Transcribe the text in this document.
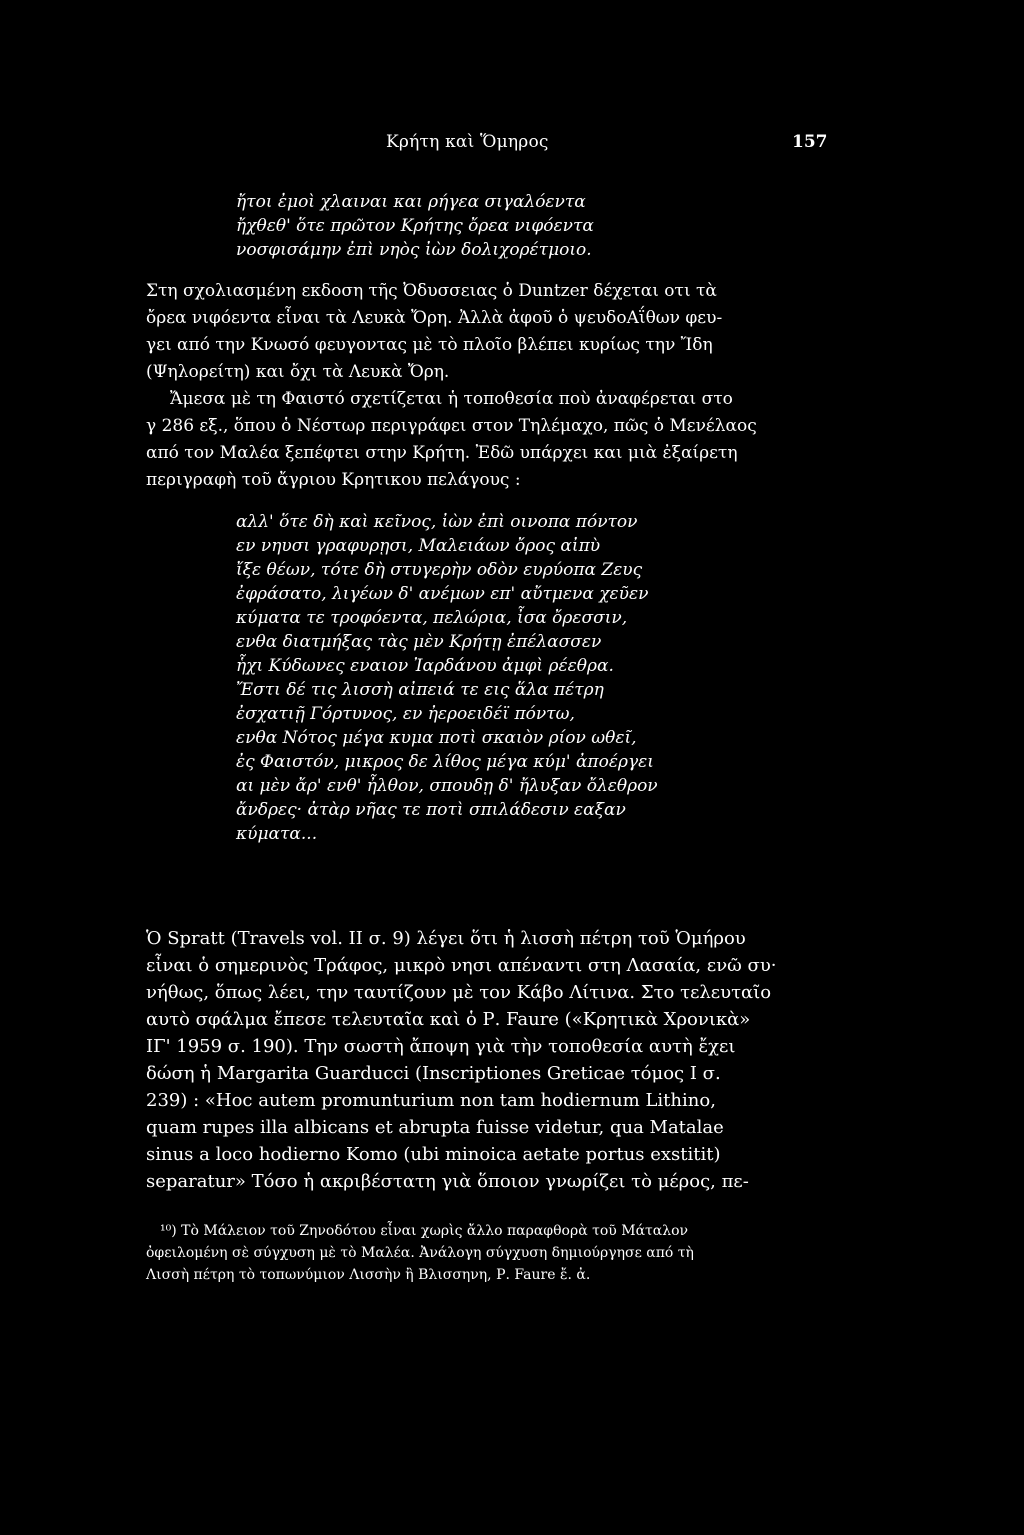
Κρήτη καὶ Ὅμηρος	157
ἤτοι ἐμοὶ χλαιναι και ρήγεα σιγαλόεντα
ἤχθεθ' ὅτε πρῶτον Κρήτης ὄρεα νιφόεντα
νοσφισάμην ἐπὶ νηὸς ἰὼν δολιχορέτμοιο.
Στη σχολιασμένη εκδοση τῆς Ὀδυσσειας ὁ Duntzer δέχεται οτι τὰ
ὄρεα νιφόεντα εἶναι τὰ Λευκὰ Ὄρη. Ἀλλὰ ἀφοῦ ὁ ψευδοΑΐθων φευ-
γει από την Κνωσό φευγοντας μὲ τὸ πλοῖο βλέπει κυρίως την Ἴδη
(Ψηλορείτη) και ὄχι τὰ Λευκὰ Ὄρη.
Ἄμεσα μὲ τη Φαιστό σχετίζεται ἡ τοποθεσία ποὺ ἀναφέρεται στο
γ 286 εξ., ὅπου ὁ Νέστωρ περιγράφει στον Τηλέμαχο, πῶς ὁ Μενέλαος
από τον Μαλέα ξεπέφτει στην Κρήτη. Ἐδῶ υπάρχει και μιὰ ἐξαίρετη
περιγραφὴ τοῦ ἄγριου Κρητικου πελάγους :
αλλ' ὅτε δὴ καὶ κεῖνος, ἰὼν ἐπὶ οινοπα πόντον
εν νηυσι γραφυρῃσι, Μαλειάων ὄρος αἰπὺ
ἴξε θέων, τότε δὴ στυγερὴν οδὸν ευρύοπα Ζευς
ἐφράσατο, λιγέων δ' ανέμων επ' αὔτμενα χεῦεν
κύματα τε τροφόεντα, πελώρια, ἶσα ὄρεσσιν,
ενθα διατμήξας τὰς μὲν Κρήτῃ ἐπέλασσεν
ἧχι Κύδωνες εναιον Ἰαρδάνου ἀμφὶ ρέεθρα.
Ἔστι δέ τις λισσὴ αἰπειά τε εις ἅλα πέτρη
ἐσχατιῇ Γόρτυνος, εν ἠεροειδέϊ πόντω,
ενθα Νότος μέγα κυμα ποτὶ σκαιὸν ρίον ωθεῖ,
ἐς Φαιστόν, μικρος δε λίθος μέγα κύμ' ἀποέργει
αι μὲν ἄρ' ενθ' ἦλθον, σπουδῃ δ' ἤλυξαν ὄλεθρον
ἄνδρες· ἀτὰρ νῆας τε ποτὶ σπιλάδεσιν εαξαν
κύματα...
Ὁ Spratt (Travels vol. II σ. 9) λέγει ὅτι ἡ λισσὴ πέτρη τοῦ Ὁμήρου
εἶναι ὁ σημερινὸς Τράφος, μικρὸ νησι απέναντι στη Λασαία, ενῶ συ·
νήθως, ὅπως λέει, την ταυτίζουν μὲ τον Κάβο Λίτινα. Στο τελευταῖο
αυτὸ σφάλμα ἔπεσε τελευταῖα καὶ ὁ Ρ. Faure («Κρητικὰ Χρονικὰ»
ΙΓ' 1959 σ. 190). Την σωστὴ ἄποψη γιὰ τὴν τοποθεσία αυτὴ ἔχει
δώση ἡ Margarita Guarducci (Inscriptiones Greticae τόμος Ι σ.
239) : «Hoc autem promunturium non tam hodiernum Lithino,
quam rupes illa albicans et abrupta fuisse videtur, qua Matalae
sinus a loco hodierno Komo (ubi minoica aetate portus exstitit)
separatur» Τόσο ἡ ακριβέστατη γιὰ ὅποιον γνωρίζει τὸ μέρος, πε-
¹⁰) Τὸ Μάλειον τοῦ Ζηνοδότου εἶναι χωρὶς ἄλλο παραφθορὰ τοῦ Μάταλον
ὀφειλομένη σὲ σύγχυση μὲ τὸ Μαλέα. Ἀνάλογη σύγχυση δημιούργησε από τὴ
Λισσὴ πέτρη τὸ τοπωνύμιον Λισσὴν ἢ Βλισσηνη, Ρ. Faure ἔ. ἀ.
